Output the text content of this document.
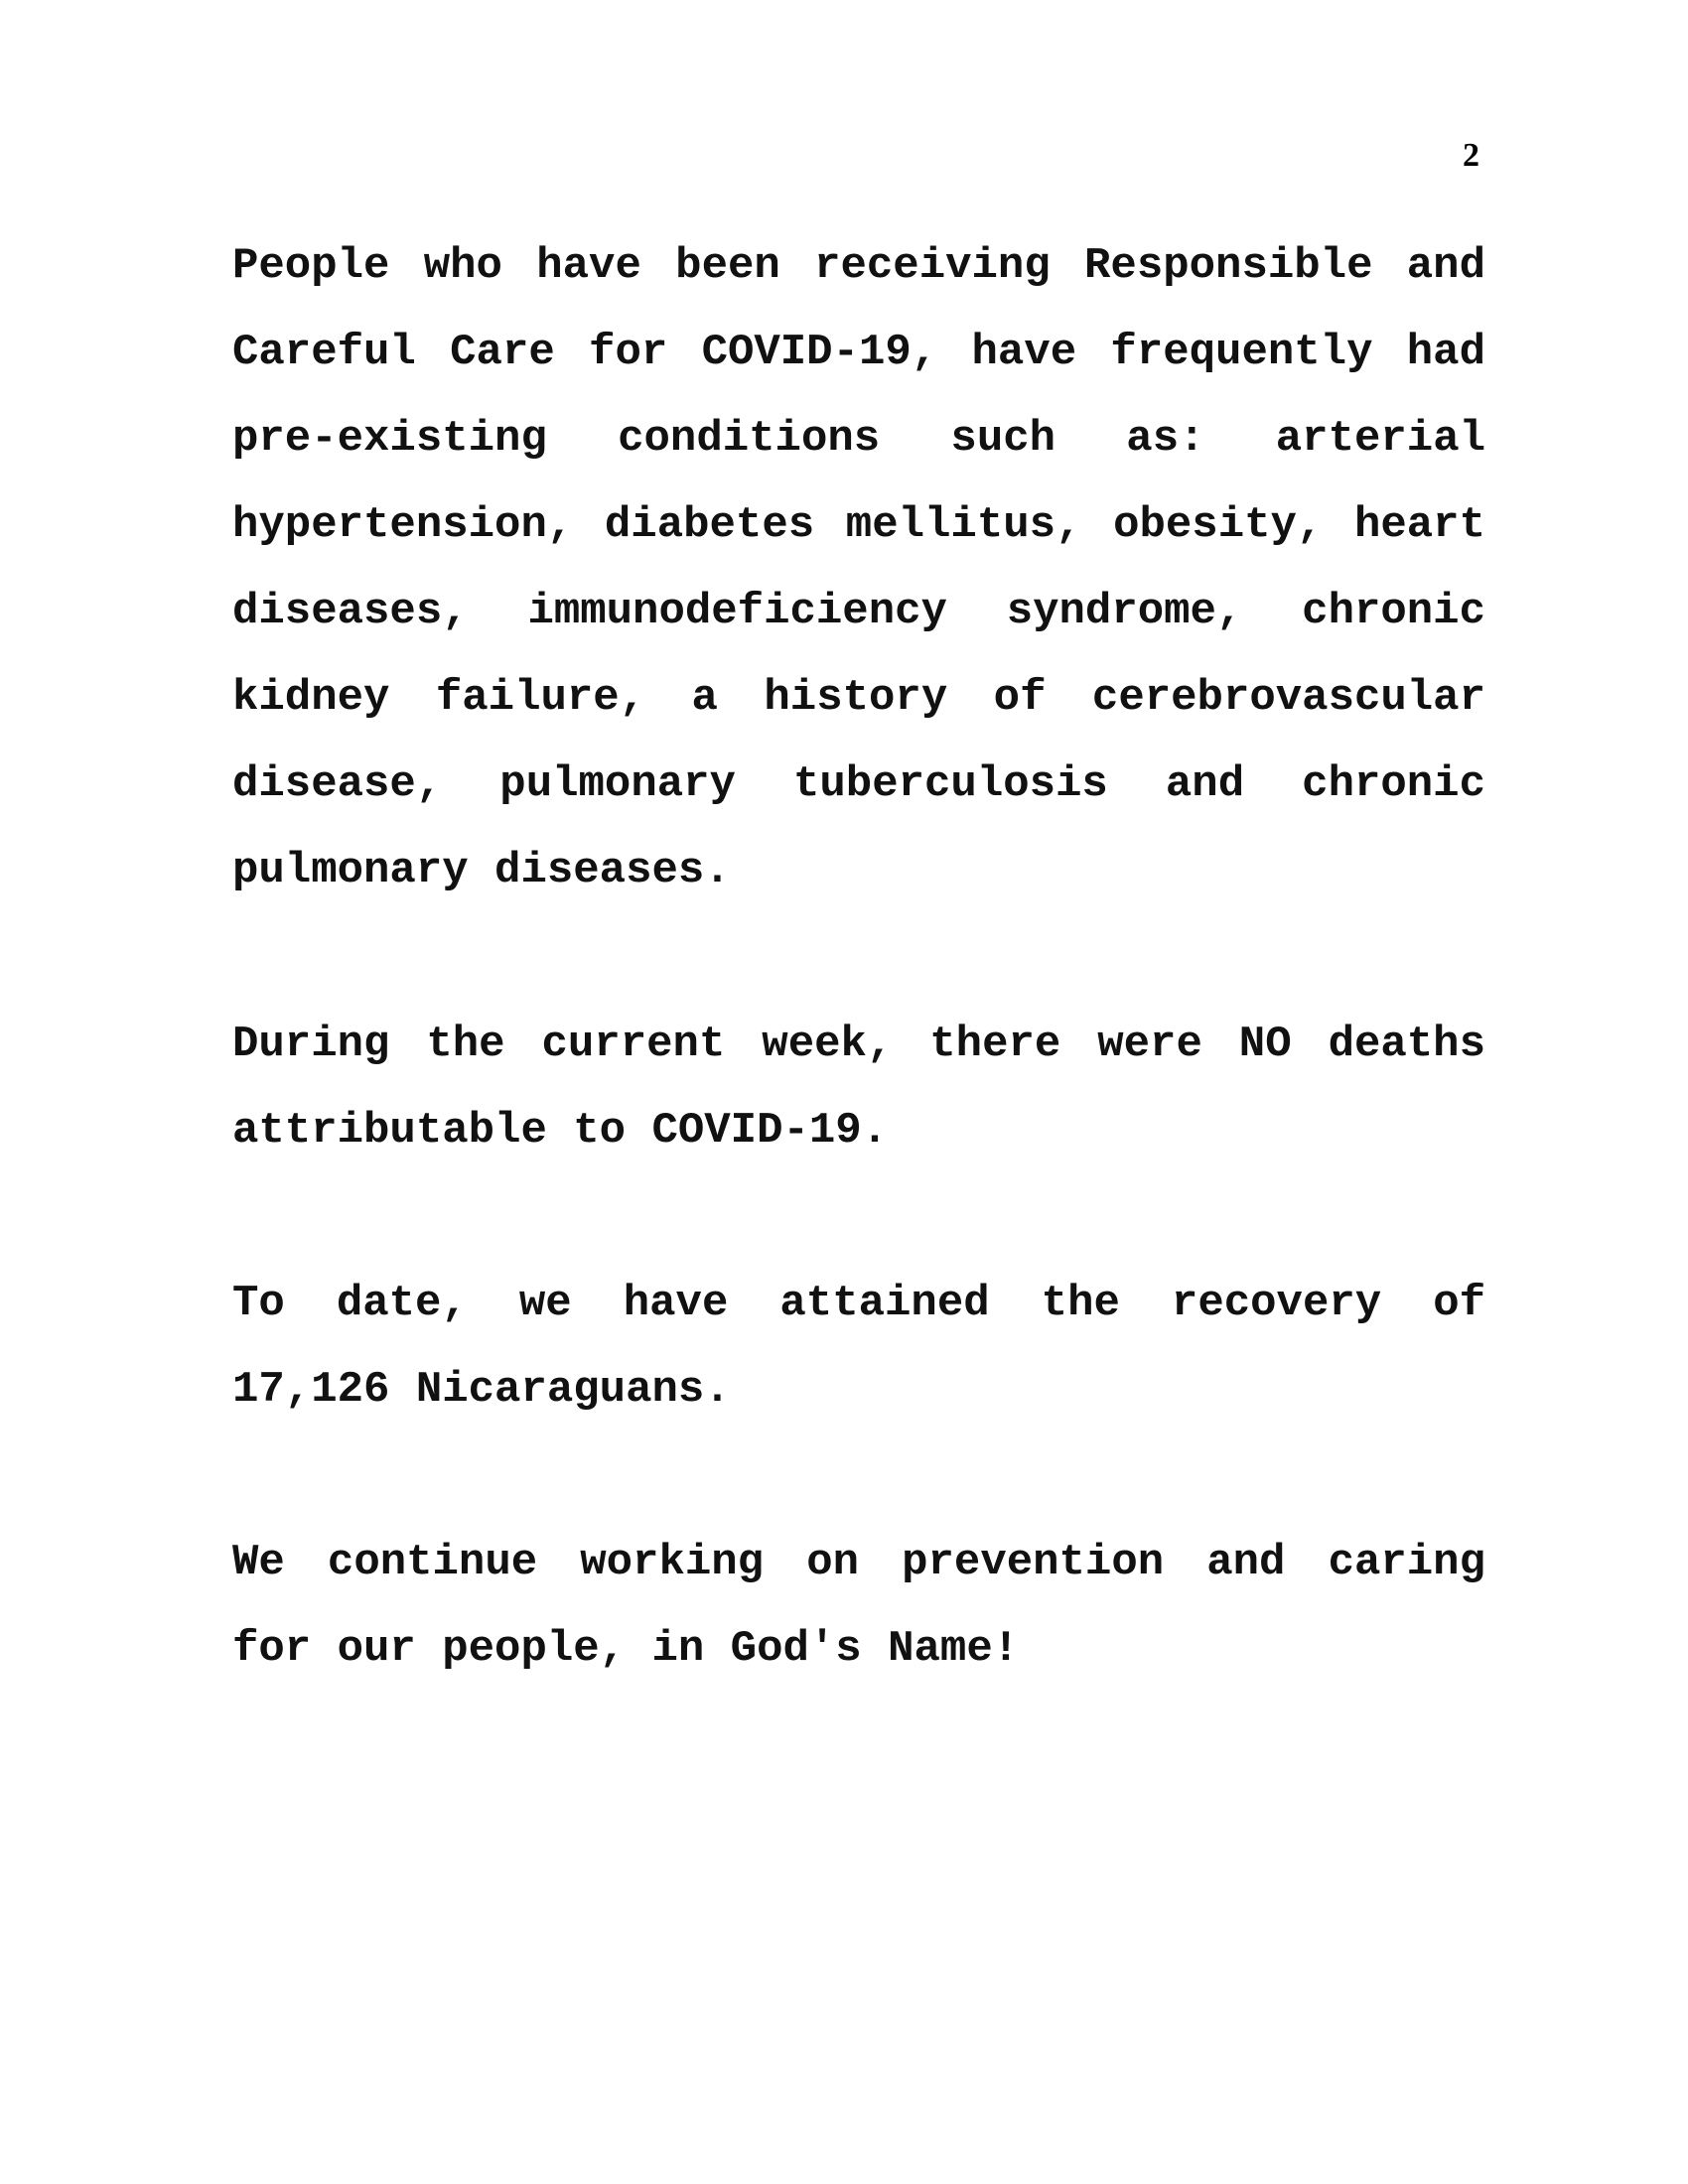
2

People who have been receiving Responsible and Careful Care for COVID-19, have frequently had pre-existing conditions such as: arterial hypertension, diabetes mellitus, obesity, heart diseases, immunodeficiency syndrome, chronic kidney failure, a history of cerebrovascular disease, pulmonary tuberculosis and chronic pulmonary diseases.

During the current week, there were NO deaths attributable to COVID-19.

To date, we have attained the recovery of 17,126 Nicaraguans.

We continue working on prevention and caring for our people, in God's Name!
